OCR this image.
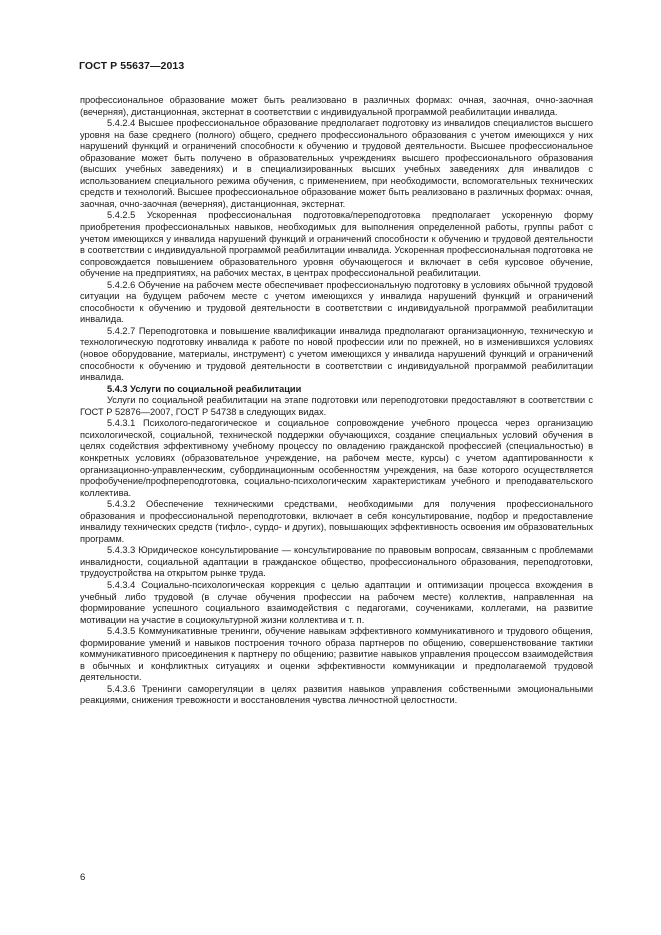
ГОСТ Р 55637—2013

профессиональное образование может быть реализовано в различных формах: очная, заочная, очно-заочная (вечерняя), дистанционная, экстернат в соответствии с индивидуальной программой реабилитации инвалида.

5.4.2.4 Высшее профессиональное образование предполагает подготовку из инвалидов специалистов высшего уровня на базе среднего (полного) общего, среднего профессионального образования с учетом имеющихся у них нарушений функций и ограничений способности к обучению и трудовой деятельности. Высшее профессиональное образование может быть получено в образовательных учреждениях высшего профессионального образования (высших учебных заведениях) и в специализированных высших учебных заведениях для инвалидов с использованием специального режима обучения, с применением, при необходимости, вспомогательных технических средств и технологий. Высшее профессиональное образование может быть реализовано в различных формах: очная, заочная, очно-заочная (вечерняя), дистанционная, экстернат.

5.4.2.5 Ускоренная профессиональная подготовка/переподготовка предполагает ускоренную форму приобретения профессиональных навыков, необходимых для выполнения определенной работы, группы работ с учетом имеющихся у инвалида нарушений функций и ограничений способности к обучению и трудовой деятельности в соответствии с индивидуальной программой реабилитации инвалида. Ускоренная профессиональная подготовка не сопровождается повышением образовательного уровня обучающегося и включает в себя курсовое обучение, обучение на предприятиях, на рабочих местах, в центрах профессиональной реабилитации.

5.4.2.6 Обучение на рабочем месте обеспечивает профессиональную подготовку в условиях обычной трудовой ситуации на будущем рабочем месте с учетом имеющихся у инвалида нарушений функций и ограничений способности к обучению и трудовой деятельности в соответствии с индивидуальной программой реабилитации инвалида.

5.4.2.7 Переподготовка и повышение квалификации инвалида предполагают организационную, техническую и технологическую подготовку инвалида к работе по новой профессии или по прежней, но в изменившихся условиях (новое оборудование, материалы, инструмент) с учетом имеющихся у инвалида нарушений функций и ограничений способности к обучению и трудовой деятельности в соответствии с индивидуальной программой реабилитации инвалида.

5.4.3 Услуги по социальной реабилитации

Услуги по социальной реабилитации на этапе подготовки или переподготовки предоставляют в соответствии с ГОСТ Р 52876—2007, ГОСТ Р 54738 в следующих видах.

5.4.3.1 Психолого-педагогическое и социальное сопровождение учебного процесса через организацию психологической, социальной, технической поддержки обучающихся, создание специальных условий обучения в целях содействия эффективному учебному процессу по овладению гражданской профессией (специальностью) в конкретных условиях (образовательное учреждение, на рабочем месте, курсы) с учетом адаптированности к организационно-управленческим, субординационным особенностям учреждения, на базе которого осуществляется профобучение/профпереподготовка, социально-психологическим характеристикам учебного и преподавательского коллектива.

5.4.3.2 Обеспечение техническими средствами, необходимыми для получения профессионального образования и профессиональной переподготовки, включает в себя консультирование, подбор и предоставление инвалиду технических средств (тифло-, сурдо- и других), повышающих эффективность освоения им образовательных программ.

5.4.3.3 Юридическое консультирование — консультирование по правовым вопросам, связанным с проблемами инвалидности, социальной адаптации в гражданское общество, профессионального образования, переподготовки, трудоустройства на открытом рынке труда.

5.4.3.4 Социально-психологическая коррекция с целью адаптации и оптимизации процесса вхождения в учебный либо трудовой (в случае обучения профессии на рабочем месте) коллектив, направленная на формирование успешного социального взаимодействия с педагогами, соучениками, коллегами, на развитие мотивации на участие в социокультурной жизни коллектива и т. п.

5.4.3.5 Коммуникативные тренинги, обучение навыкам эффективного коммуникативного и трудового общения, формирование умений и навыков построения точного образа партнеров по общению, совершенствование тактики коммуникативного присоединения к партнеру по общению; развитие навыков управления процессом взаимодействия в обычных и конфликтных ситуациях и оценки эффективности коммуникации и предполагаемой трудовой деятельности.

5.4.3.6 Тренинги саморегуляции в целях развития навыков управления собственными эмоциональными реакциями, снижения тревожности и восстановления чувства личностной целостности.

6
